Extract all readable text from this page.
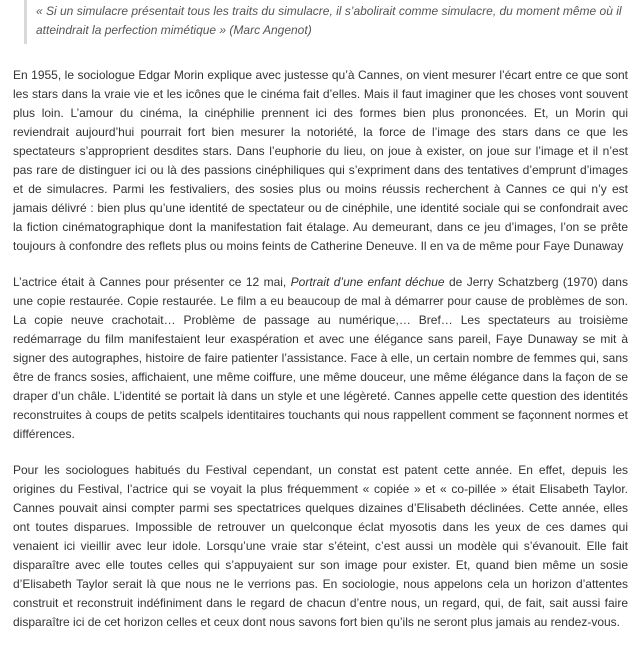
« Si un simulacre présentait tous les traits du simulacre, il s’abolirait comme simulacre, du moment même où il atteindrait la perfection mimétique » (Marc Angenot)

En 1955, le sociologue Edgar Morin explique avec justesse qu’à Cannes, on vient mesurer l’écart entre ce que sont les stars dans la vraie vie et les icônes que le cinéma fait d’elles. Mais il faut imaginer que les choses vont souvent plus loin. L’amour du cinéma, la cinéphilie prennent ici des formes bien plus prononcées. Et, un Morin qui reviendrait aujourd’hui pourrait fort bien mesurer la notoriété, la force de l’image des stars dans ce que les spectateurs s’approprient desdites stars. Dans l’euphorie du lieu, on joue à exister, on joue sur l’image et il n’est pas rare de distinguer ici ou là des passions cinéphiliques qui s’expriment dans des tentatives d’emprunt d’images et de simulacres. Parmi les festivaliers, des sosies plus ou moins réussis recherchent à Cannes ce qui n’y est jamais délivré : bien plus qu’une identité de spectateur ou de cinéphile, une identité sociale qui se confondrait avec la fiction cinématographique dont la manifestation fait étalage. Au demeurant, dans ce jeu d’images, l’on se prête toujours à confondre des reflets plus ou moins feints de Catherine Deneuve. Il en va de même pour Faye Dunaway

L’actrice était à Cannes pour présenter ce 12 mai, Portrait d’une enfant déchue de Jerry Schatzberg (1970) dans une copie restaurée. Copie restaurée. Le film a eu beaucoup de mal à démarrer pour cause de problèmes de son. La copie neuve crachotait… Problème de passage au numérique,… Bref… Les spectateurs au troisième redémarrage du film manifestaient leur exaspération et avec une élégance sans pareil, Faye Dunaway se mit à signer des autographes, histoire de faire patienter l’assistance. Face à elle, un certain nombre de femmes qui, sans être de francs sosies, affichaient, une même coiffure, une même douceur, une même élégance dans la façon de se draper d’un châle. L’identité se portait là dans un style et une légèreté. Cannes appelle cette question des identités reconstruites à coups de petits scalpels identitaires touchants qui nous rappellent comment se façonnent normes et différences.

Pour les sociologues habitués du Festival cependant, un constat est patent cette année. En effet, depuis les origines du Festival, l’actrice qui se voyait la plus fréquemment « copiée » et « co-pillée » était Elisabeth Taylor. Cannes pouvait ainsi compter parmi ses spectatrices quelques dizaines d’Elisabeth déclinées. Cette année, elles ont toutes disparues. Impossible de retrouver un quelconque éclat myosotis dans les yeux de ces dames qui venaient ici vieillir avec leur idole. Lorsqu’une vraie star s’éteint, c’est aussi un modèle qui s’évanouit. Elle fait disparaître avec elle toutes celles qui s’appuyaient sur son image pour exister. Et, quand bien même un sosie d’Elisabeth Taylor serait là que nous ne le verrions pas. En sociologie, nous appelons cela un horizon d’attentes construit et reconstruit indéfiniment dans le regard de chacun d’entre nous, un regard, qui, de fait, sait aussi faire disparaître ici de cet horizon celles et ceux dont nous savons fort bien qu’ils ne seront plus jamais au rendez-vous.
